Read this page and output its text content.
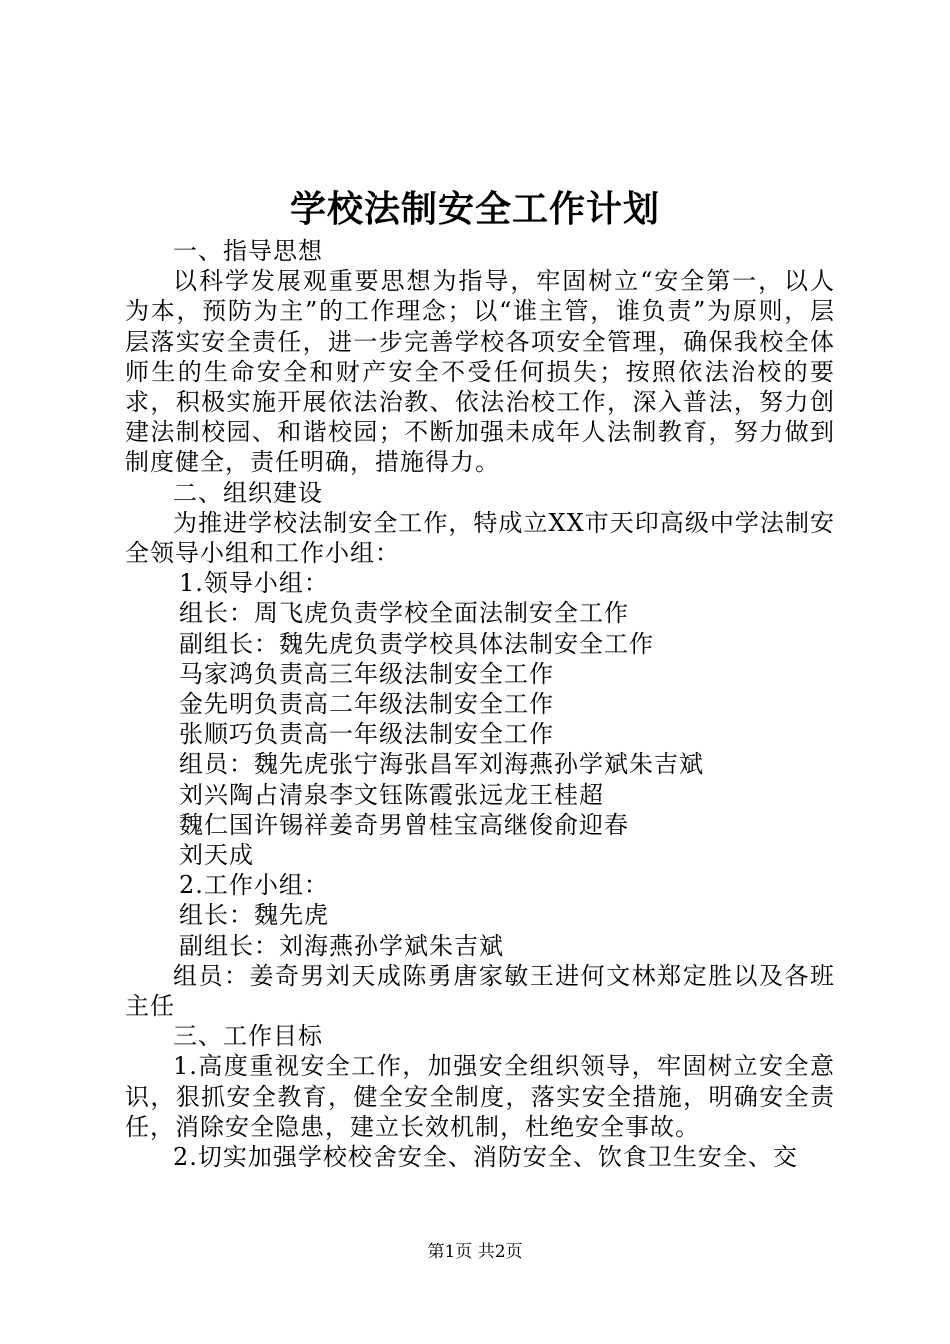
学校法制安全工作计划

一、指导思想

以科学发展观重要思想为指导，牢固树立“安全第一，以人为本，预防为主”的工作理念；以“谁主管，谁负责”为原则，层层落实安全责任，进一步完善学校各项安全管理，确保我校全体师生的生命安全和财产安全不受任何损失；按照依法治校的要求，积极实施开展依法治教、依法治校工作，深入普法，努力创建法制校园、和谐校园；不断加强未成年人法制教育，努力做到制度健全，责任明确，措施得力。

二、组织建设

为推进学校法制安全工作，特成立XX市天印高级中学法制安全领导小组和工作小组：

1.领导小组：

组长：周飞虎负责学校全面法制安全工作

副组长：魏先虎负责学校具体法制安全工作

马家鸿负责高三年级法制安全工作

金先明负责高二年级法制安全工作

张顺巧负责高一年级法制安全工作

组员：魏先虎张宁海张昌军刘海燕孙学斌朱吉斌

刘兴陶占清泉李文钰陈霞张远龙王桂超

魏仁国许锡祥姜奇男曾桂宝高继俊俞迎春

刘天成

2.工作小组：

组长：魏先虎

副组长：刘海燕孙学斌朱吉斌

组员：姜奇男刘天成陈勇唐家敏王进何文林郑定胜以及各班主任

三、工作目标

1.高度重视安全工作，加强安全组织领导，牢固树立安全意识，狠抓安全教育，健全安全制度，落实安全措施，明确安全责任，消除安全隐患，建立长效机制，杜绝安全事故。

2.切实加强学校校舍安全、消防安全、饮食卫生安全、交

第1页 共2页
